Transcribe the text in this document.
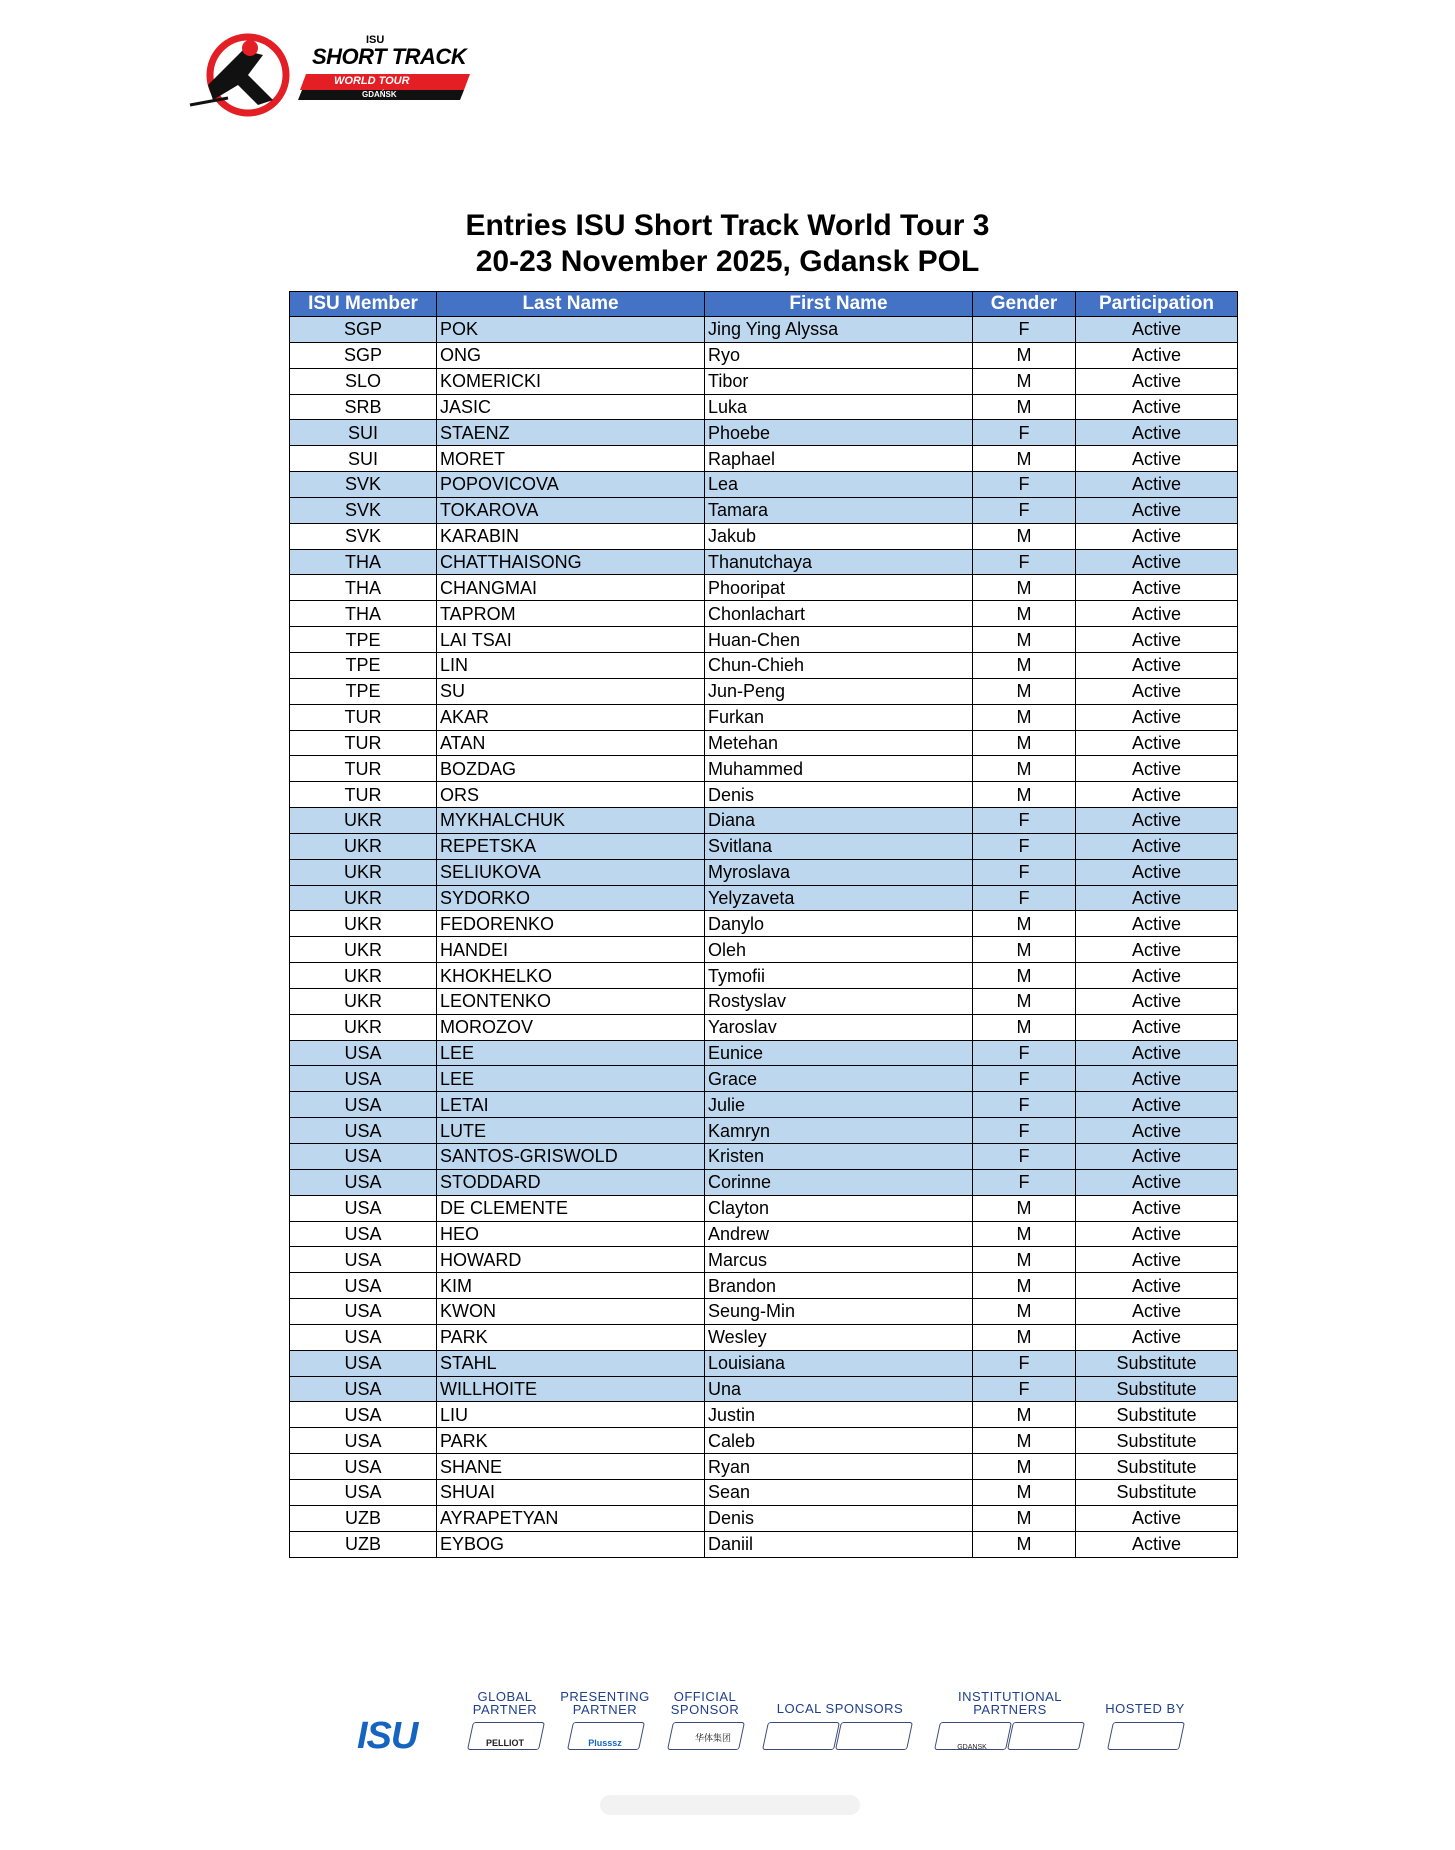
ISU
SHORT TRACK
WORLD TOUR
GDAŃSK
Entries ISU Short Track World Tour 3
20-23 November 2025, Gdansk POL
ISU Member	Last Name	First Name	Gender	Participation
SGP	POK	Jing Ying Alyssa	F	Active
SGP	ONG	Ryo	M	Active
SLO	KOMERICKI	Tibor	M	Active
SRB	JASIC	Luka	M	Active
SUI	STAENZ	Phoebe	F	Active
SUI	MORET	Raphael	M	Active
SVK	POPOVICOVA	Lea	F	Active
SVK	TOKAROVA	Tamara	F	Active
SVK	KARABIN	Jakub	M	Active
THA	CHATTHAISONG	Thanutchaya	F	Active
THA	CHANGMAI	Phooripat	M	Active
THA	TAPROM	Chonlachart	M	Active
TPE	LAI TSAI	Huan-Chen	M	Active
TPE	LIN	Chun-Chieh	M	Active
TPE	SU	Jun-Peng	M	Active
TUR	AKAR	Furkan	M	Active
TUR	ATAN	Metehan	M	Active
TUR	BOZDAG	Muhammed	M	Active
TUR	ORS	Denis	M	Active
UKR	MYKHALCHUK	Diana	F	Active
UKR	REPETSKA	Svitlana	F	Active
UKR	SELIUKOVA	Myroslava	F	Active
UKR	SYDORKO	Yelyzaveta	F	Active
UKR	FEDORENKO	Danylo	M	Active
UKR	HANDEI	Oleh	M	Active
UKR	KHOKHELKO	Tymofii	M	Active
UKR	LEONTENKO	Rostyslav	M	Active
UKR	MOROZOV	Yaroslav	M	Active
USA	LEE	Eunice	F	Active
USA	LEE	Grace	F	Active
USA	LETAI	Julie	F	Active
USA	LUTE	Kamryn	F	Active
USA	SANTOS-GRISWOLD	Kristen	F	Active
USA	STODDARD	Corinne	F	Active
USA	DE CLEMENTE	Clayton	M	Active
USA	HEO	Andrew	M	Active
USA	HOWARD	Marcus	M	Active
USA	KIM	Brandon	M	Active
USA	KWON	Seung-Min	M	Active
USA	PARK	Wesley	M	Active
USA	STAHL	Louisiana	F	Substitute
USA	WILLHOITE	Una	F	Substitute
USA	LIU	Justin	M	Substitute
USA	PARK	Caleb	M	Substitute
USA	SHANE	Ryan	M	Substitute
USA	SHUAI	Sean	M	Substitute
UZB	AYRAPETYAN	Denis	M	Active
UZB	EYBOG	Daniil	M	Active
ISU
GLOBAL
PARTNER
PELLIOT
PRESENTING
PARTNER
Plusssz
OFFICIAL
SPONSOR
华体集团
LOCAL SPONSORS
INSTITUTIONAL
PARTNERS
GDANSK
HOSTED BY
